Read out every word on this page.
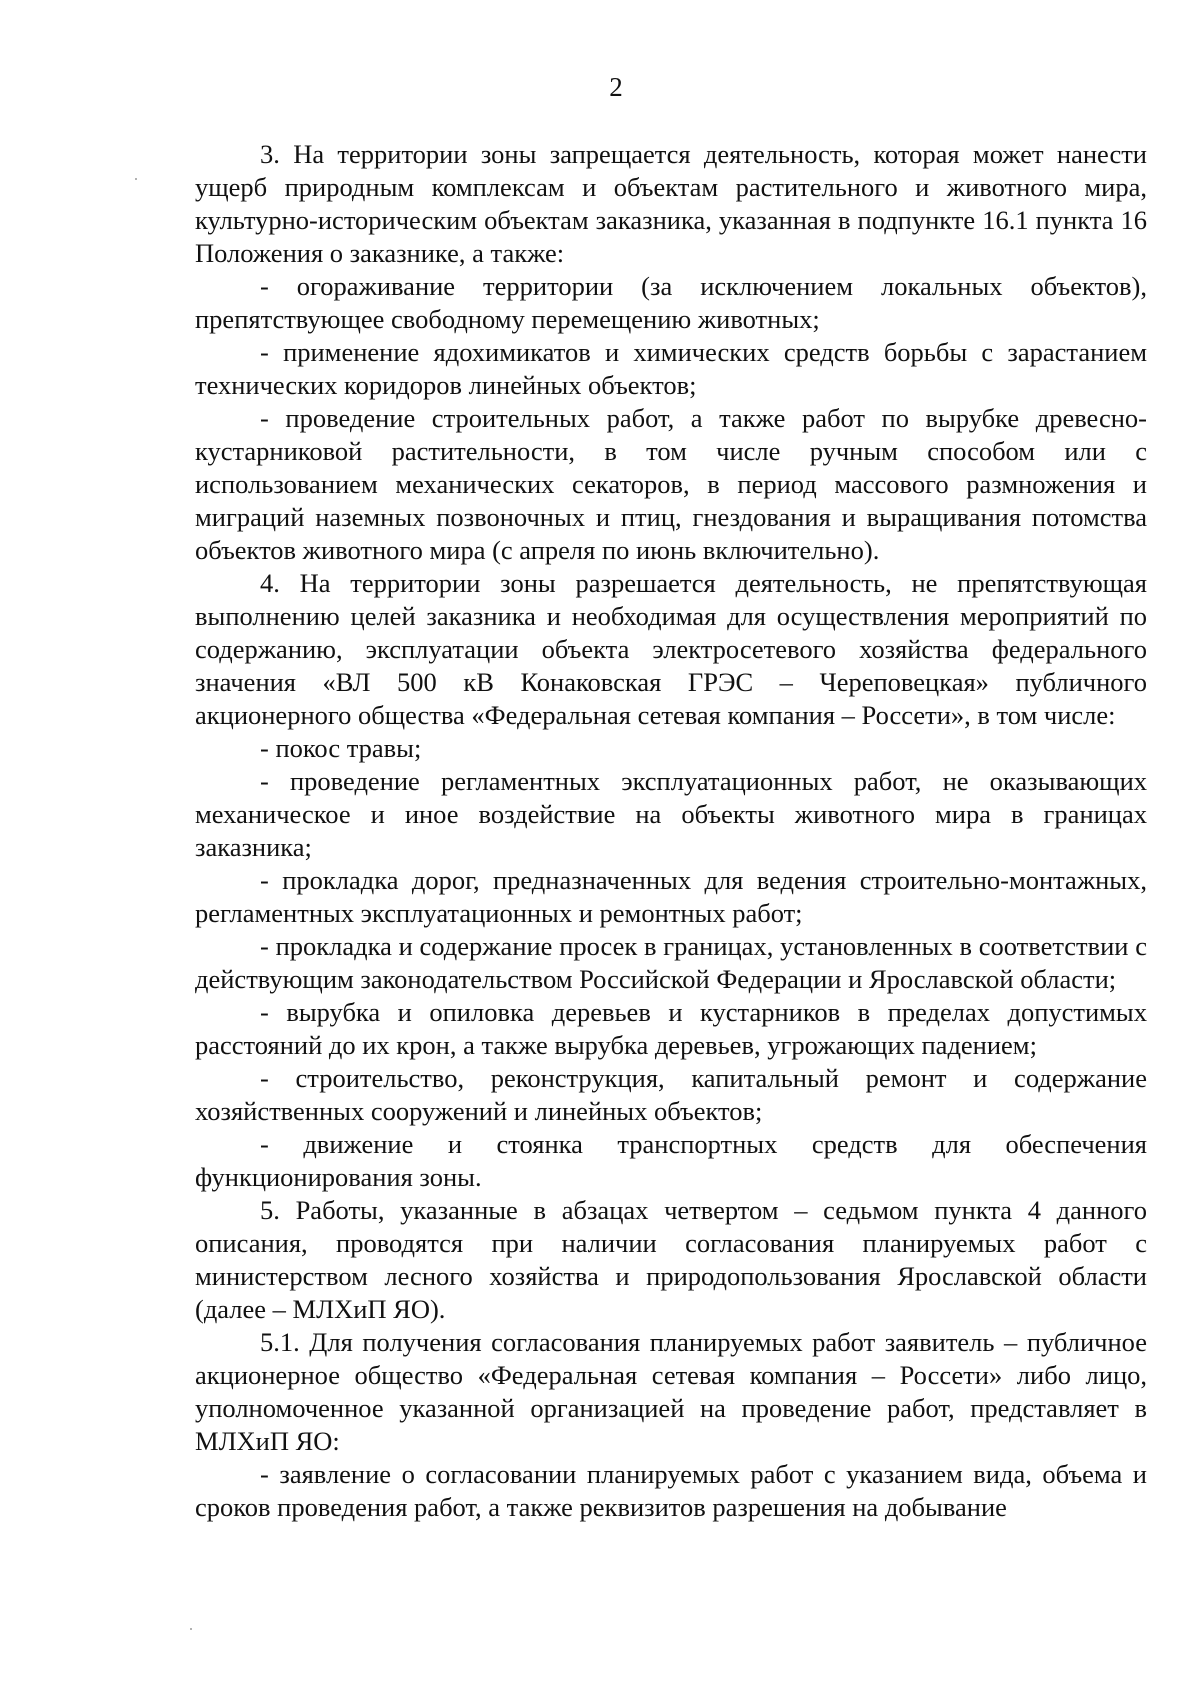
2

3. На территории зоны запрещается деятельность, которая может нанести ущерб природным комплексам и объектам растительного и животного мира, культурно-историческим объектам заказника, указанная в подпункте 16.1 пункта 16 Положения о заказнике, а также:

- огораживание территории (за исключением локальных объектов), препятствующее свободному перемещению животных;

- применение ядохимикатов и химических средств борьбы с зарастанием технических коридоров линейных объектов;

- проведение строительных работ, а также работ по вырубке древесно-кустарниковой растительности, в том числе ручным способом или с использованием механических секаторов, в период массового размножения и миграций наземных позвоночных и птиц, гнездования и выращивания потомства объектов животного мира (с апреля по июнь включительно).

4. На территории зоны разрешается деятельность, не препятствующая выполнению целей заказника и необходимая для осуществления мероприятий по содержанию, эксплуатации объекта электросетевого хозяйства федерального значения «ВЛ 500 кВ Конаковская ГРЭС – Череповецкая» публичного акционерного общества «Федеральная сетевая компания – Россети», в том числе:

- покос травы;

- проведение регламентных эксплуатационных работ, не оказывающих механическое и иное воздействие на объекты животного мира в границах заказника;

- прокладка дорог, предназначенных для ведения строительно-монтажных, регламентных эксплуатационных и ремонтных работ;

- прокладка и содержание просек в границах, установленных в соответствии с действующим законодательством Российской Федерации и Ярославской области;

- вырубка и опиловка деревьев и кустарников в пределах допустимых расстояний до их крон, а также вырубка деревьев, угрожающих падением;

- строительство, реконструкция, капитальный ремонт и содержание хозяйственных сооружений и линейных объектов;

- движение и стоянка транспортных средств для обеспечения функционирования зоны.

5. Работы, указанные в абзацах четвертом – седьмом пункта 4 данного описания, проводятся при наличии согласования планируемых работ с министерством лесного хозяйства и природопользования Ярославской области (далее – МЛХиП ЯО).

5.1. Для получения согласования планируемых работ заявитель – публичное акционерное общество «Федеральная сетевая компания – Россети» либо лицо, уполномоченное указанной организацией на проведение работ, представляет в МЛХиП ЯО:

- заявление о согласовании планируемых работ с указанием вида, объема и сроков проведения работ, а также реквизитов разрешения на добывание
